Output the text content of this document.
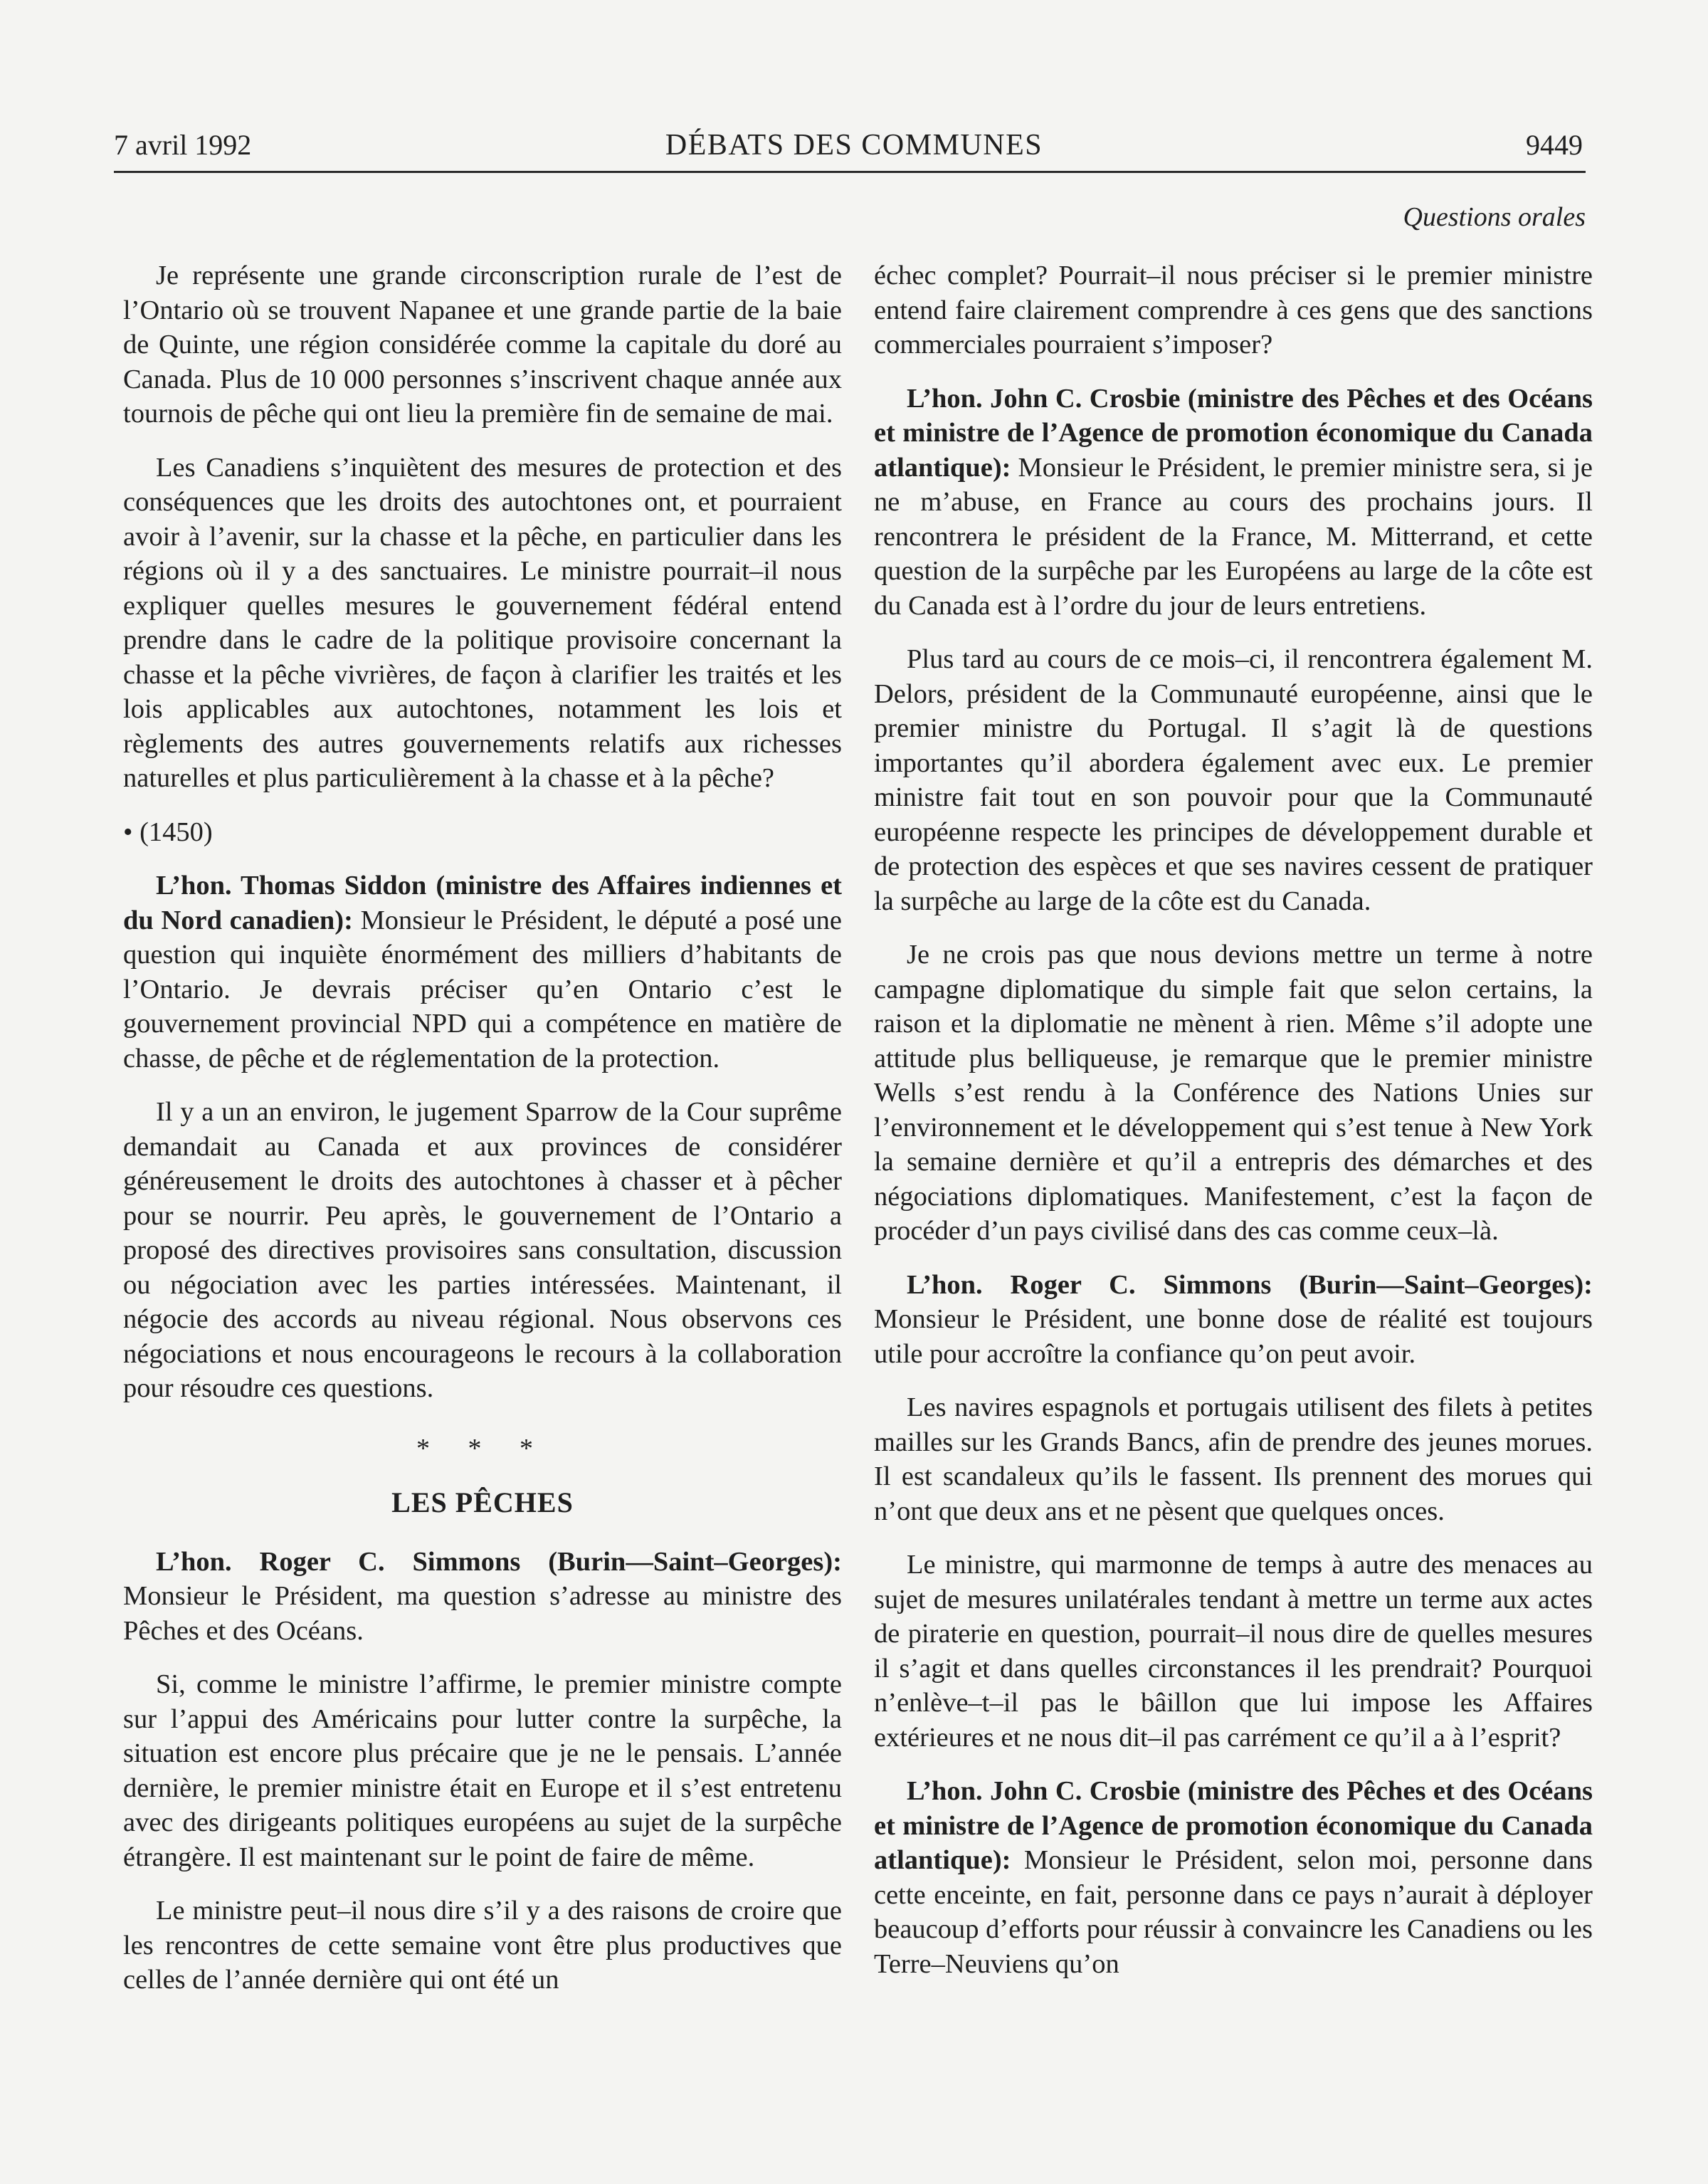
7 avril 1992	DÉBATS DES COMMUNES	9449
Questions orales

Je représente une grande circonscription rurale de l’est de l’Ontario où se trouvent Napanee et une grande partie de la baie de Quinte, une région considérée comme la capitale du doré au Canada. Plus de 10 000 personnes s’inscrivent chaque année aux tournois de pêche qui ont lieu la première fin de semaine de mai.

Les Canadiens s’inquiètent des mesures de protection et des conséquences que les droits des autochtones ont, et pourraient avoir à l’avenir, sur la chasse et la pêche, en particulier dans les régions où il y a des sanctuaires. Le ministre pourrait–il nous expliquer quelles mesures le gouvernement fédéral entend prendre dans le cadre de la politique provisoire concernant la chasse et la pêche vivrières, de façon à clarifier les traités et les lois applicables aux autochtones, notamment les lois et règlements des autres gouvernements relatifs aux richesses naturelles et plus particulièrement à la chasse et à la pêche?

• (1450)

L’hon. Thomas Siddon (ministre des Affaires indiennes et du Nord canadien): Monsieur le Président, le député a posé une question qui inquiète énormément des milliers d’habitants de l’Ontario. Je devrais préciser qu’en Ontario c’est le gouvernement provincial NPD qui a compétence en matière de chasse, de pêche et de réglementation de la protection.

Il y a un an environ, le jugement Sparrow de la Cour suprême demandait au Canada et aux provinces de considérer généreusement le droits des autochtones à chasser et à pêcher pour se nourrir. Peu après, le gouvernement de l’Ontario a proposé des directives provisoires sans consultation, discussion ou négociation avec les parties intéressées. Maintenant, il négocie des accords au niveau régional. Nous observons ces négociations et nous encourageons le recours à la collaboration pour résoudre ces questions.

* * *
LES PÊCHES

L’hon. Roger C. Simmons (Burin—Saint–Georges): Monsieur le Président, ma question s’adresse au ministre des Pêches et des Océans.

Si, comme le ministre l’affirme, le premier ministre compte sur l’appui des Américains pour lutter contre la surpêche, la situation est encore plus précaire que je ne le pensais. L’année dernière, le premier ministre était en Europe et il s’est entretenu avec des dirigeants politiques européens au sujet de la surpêche étrangère. Il est maintenant sur le point de faire de même.

Le ministre peut–il nous dire s’il y a des raisons de croire que les rencontres de cette semaine vont être plus productives que celles de l’année dernière qui ont été un

échec complet? Pourrait–il nous préciser si le premier ministre entend faire clairement comprendre à ces gens que des sanctions commerciales pourraient s’imposer?

L’hon. John C. Crosbie (ministre des Pêches et des Océans et ministre de l’Agence de promotion économique du Canada atlantique): Monsieur le Président, le premier ministre sera, si je ne m’abuse, en France au cours des prochains jours. Il rencontrera le président de la France, M. Mitterrand, et cette question de la surpêche par les Européens au large de la côte est du Canada est à l’ordre du jour de leurs entretiens.

Plus tard au cours de ce mois–ci, il rencontrera également M. Delors, président de la Communauté européenne, ainsi que le premier ministre du Portugal. Il s’agit là de questions importantes qu’il abordera également avec eux. Le premier ministre fait tout en son pouvoir pour que la Communauté européenne respecte les principes de développement durable et de protection des espèces et que ses navires cessent de pratiquer la surpêche au large de la côte est du Canada.

Je ne crois pas que nous devions mettre un terme à notre campagne diplomatique du simple fait que selon certains, la raison et la diplomatie ne mènent à rien. Même s’il adopte une attitude plus belliqueuse, je remarque que le premier ministre Wells s’est rendu à la Conférence des Nations Unies sur l’environnement et le développement qui s’est tenue à New York la semaine dernière et qu’il a entrepris des démarches et des négociations diplomatiques. Manifestement, c’est la façon de procéder d’un pays civilisé dans des cas comme ceux–là.

L’hon. Roger C. Simmons (Burin—Saint–Georges): Monsieur le Président, une bonne dose de réalité est toujours utile pour accroître la confiance qu’on peut avoir.

Les navires espagnols et portugais utilisent des filets à petites mailles sur les Grands Bancs, afin de prendre des jeunes morues. Il est scandaleux qu’ils le fassent. Ils prennent des morues qui n’ont que deux ans et ne pèsent que quelques onces.

Le ministre, qui marmonne de temps à autre des menaces au sujet de mesures unilatérales tendant à mettre un terme aux actes de piraterie en question, pourrait–il nous dire de quelles mesures il s’agit et dans quelles circonstances il les prendrait? Pourquoi n’enlève–t–il pas le bâillon que lui impose les Affaires extérieures et ne nous dit–il pas carrément ce qu’il a à l’esprit?

L’hon. John C. Crosbie (ministre des Pêches et des Océans et ministre de l’Agence de promotion économique du Canada atlantique): Monsieur le Président, selon moi, personne dans cette enceinte, en fait, personne dans ce pays n’aurait à déployer beaucoup d’efforts pour réussir à convaincre les Canadiens ou les Terre–Neuviens qu’on
